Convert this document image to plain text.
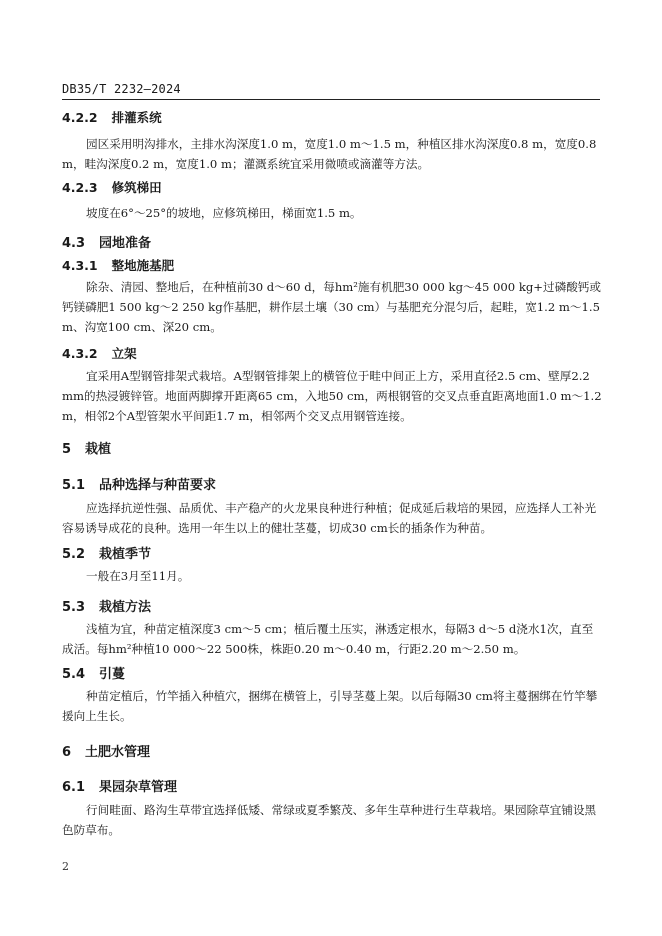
DB35/T 2232—2024
4.2.2 排灌系统
园区采用明沟排水，主排水沟深度1.0 m，宽度1.0 m～1.5 m，种植区排水沟深度0.8 m，宽度0.8 m，畦沟深度0.2 m，宽度1.0 m；灌溉系统宜采用微喷或滴灌等方法。
4.2.3 修筑梯田
坡度在6°～25°的坡地，应修筑梯田，梯面宽1.5 m。
4.3 园地准备
4.3.1 整地施基肥
除杂、清园、整地后，在种植前30 d～60 d，每hm²施有机肥30 000 kg～45 000 kg+过磷酸钙或钙镁磷肥1 500 kg～2 250 kg作基肥，耕作层土壤（30 cm）与基肥充分混匀后，起畦，宽1.2 m～1.5 m、沟宽100 cm、深20 cm。
4.3.2 立架
宜采用A型钢管排架式栽培。A型钢管排架上的横管位于畦中间正上方，采用直径2.5 cm、壁厚2.2 mm的热浸镀锌管。地面两脚撑开距离65 cm，入地50 cm，两根钢管的交叉点垂直距离地面1.0 m～1.2 m，相邻2个A型管架水平间距1.7 m，相邻两个交叉点用钢管连接。
5 栽植
5.1 品种选择与种苗要求
应选择抗逆性强、品质优、丰产稳产的火龙果良种进行种植；促成延后栽培的果园，应选择人工补光容易诱导成花的良种。选用一年生以上的健壮茎蔓，切成30 cm长的插条作为种苗。
5.2 栽植季节
一般在3月至11月。
5.3 栽植方法
浅植为宜，种苗定植深度3 cm～5 cm；植后覆土压实，淋透定根水，每隔3 d～5 d浇水1次，直至成活。每hm²种植10 000～22 500株，株距0.20 m～0.40 m，行距2.20 m～2.50 m。
5.4 引蔓
种苗定植后，竹竿插入种植穴，捆绑在横管上，引导茎蔓上架。以后每隔30 cm将主蔓捆绑在竹竿攀援向上生长。
6 土肥水管理
6.1 果园杂草管理
行间畦面、路沟生草带宜选择低矮、常绿或夏季繁茂、多年生草种进行生草栽培。果园除草宜铺设黑色防草布。
2
